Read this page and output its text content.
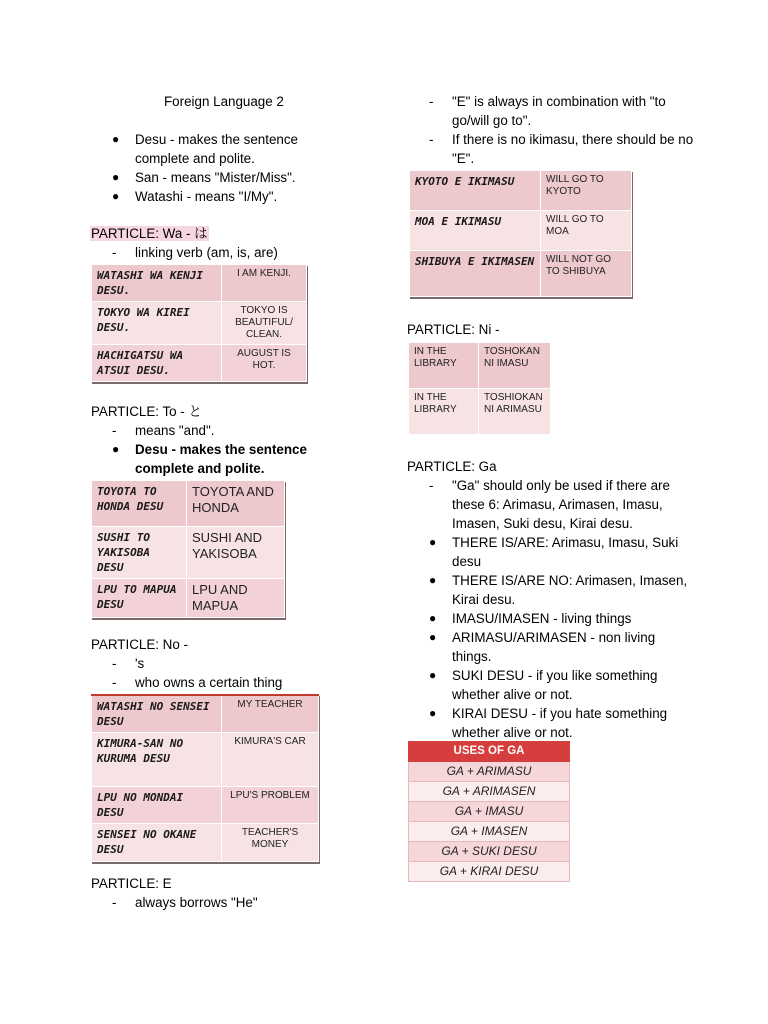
Foreign Language 2
● Desu - makes the sentence complete and polite.
● San - means "Mister/Miss".
● Watashi - means "I/My".
PARTICLE: Wa - は
- linking verb (am, is, are)
WATASHI WA KENJI DESU.	I AM KENJI.
TOKYO WA KIREI DESU.	TOKYO IS BEAUTIFUL/ CLEAN.
HACHIGATSU WA ATSUI DESU.	AUGUST IS HOT.
PARTICLE: To - と
- means "and".
● Desu - makes the sentence complete and polite.
TOYOTA TO HONDA DESU	TOYOTA AND HONDA
SUSHI TO YAKISOBA DESU	SUSHI AND YAKISOBA
LPU TO MAPUA DESU	LPU AND MAPUA
PARTICLE: No -
- 's
- who owns a certain thing
WATASHI NO SENSEI DESU	MY TEACHER
KIMURA-SAN NO KURUMA DESU	KIMURA'S CAR
LPU NO MONDAI DESU	LPU'S PROBLEM
SENSEI NO OKANE DESU	TEACHER'S MONEY
PARTICLE: E
- always borrows "He"
- "E" is always in combination with "to go/will go to".
- If there is no ikimasu, there should be no "E".
KYOTO E IKIMASU	WILL GO TO KYOTO
MOA E IKIMASU	WILL GO TO MOA
SHIBUYA E IKIMASEN	WILL NOT GO TO SHIBUYA
PARTICLE: Ni -
IN THE LIBRARY	TOSHOKAN NI IMASU
IN THE LIBRARY	TOSHIOKAN NI ARIMASU
PARTICLE: Ga
- "Ga" should only be used if there are these 6: Arimasu, Arimasen, Imasu, Imasen, Suki desu, Kirai desu.
● THERE IS/ARE: Arimasu, Imasu, Suki desu
● THERE IS/ARE NO: Arimasen, Imasen, Kirai desu.
● IMASU/IMASEN - living things
● ARIMASU/ARIMASEN - non living things.
● SUKI DESU - if you like something whether alive or not.
● KIRAI DESU - if you hate something whether alive or not.
USES OF GA
GA + ARIMASU
GA + ARIMASEN
GA + IMASU
GA + IMASEN
GA + SUKI DESU
GA + KIRAI DESU
